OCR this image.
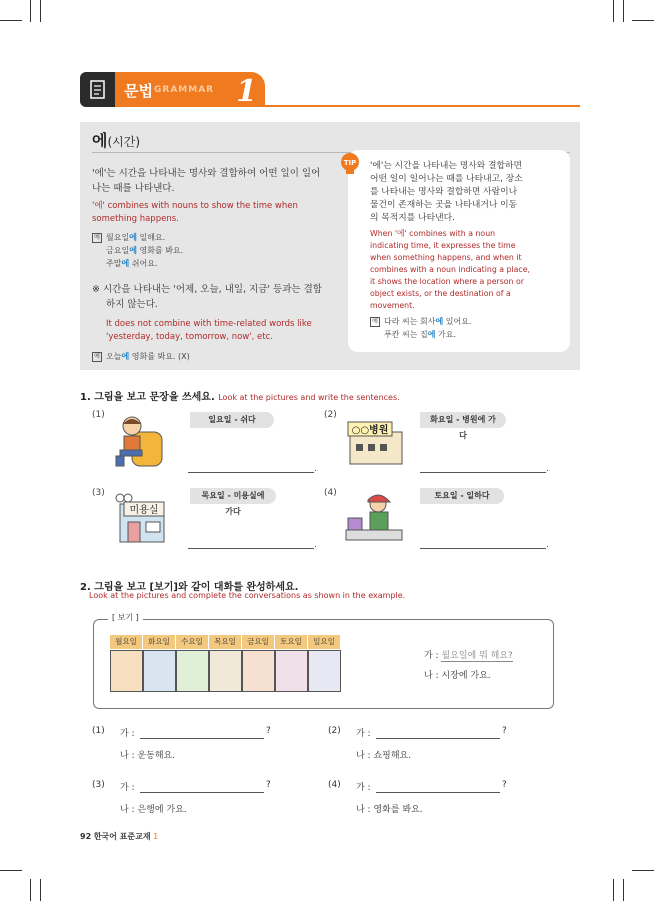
문법 GRAMMAR 1
에(시간)
'에'는 시간을 나타내는 명사와 결합하여 어떤 일이 일어
나는 때를 나타낸다.
'에' combines with nouns to show the time when
something happens.
예 월요일에 일해요.
금요일에 영화를 봐요.
주말에 쉬어요.
※ 시간을 나타내는 '어제, 오늘, 내일, 지금' 등과는 결합
하지 않는다.
It does not combine with time-related words like
'yesterday, today, tomorrow, now', etc.
예 오늘에 영화를 봐요. (X)
TIP '에'는 시간을 나타내는 명사와 결합하면
어떤 일이 일어나는 때를 나타내고, 장소
를 나타내는 명사와 결합하면 사람이나
물건이 존재하는 곳을 나타내거나 이동
의 목적지를 나타낸다.
When '에' combines with a noun
indicating time, it expresses the time
when something happens, and when it
combines with a noun indicating a place,
it shows the location where a person or
object exists, or the destination of a
movement.
예 다라 씨는 회사에 있어요.
푸칸 씨는 집에 가요.
1. 그림을 보고 문장을 쓰세요. Look at the pictures and write the sentences.
(1)	일요일 - 쉬다
.
(2)
○○병원
화요일 - 병원에 가다
.
(3)
미용실
목요일 - 미용실에 가다
.
(4)	토요일 - 일하다
.
2. 그림을 보고 [보기]와 같이 대화를 완성하세요.
Look at the pictures and complete the conversations as shown in the example.
[ 보기 ]
월요일	화요일	수요일	목요일	금요일	토요일	일요일
가 : 월요일에 뭐 해요?
나 : 시장에 가요.
(1) 가 :	?
나 : 운동해요.
(2) 가 :	?
나 : 쇼핑해요.
(3) 가 :	?
나 : 은행에 가요.
(4) 가 :	?
나 : 영화를 봐요.
92 한국어 표준교재 1
